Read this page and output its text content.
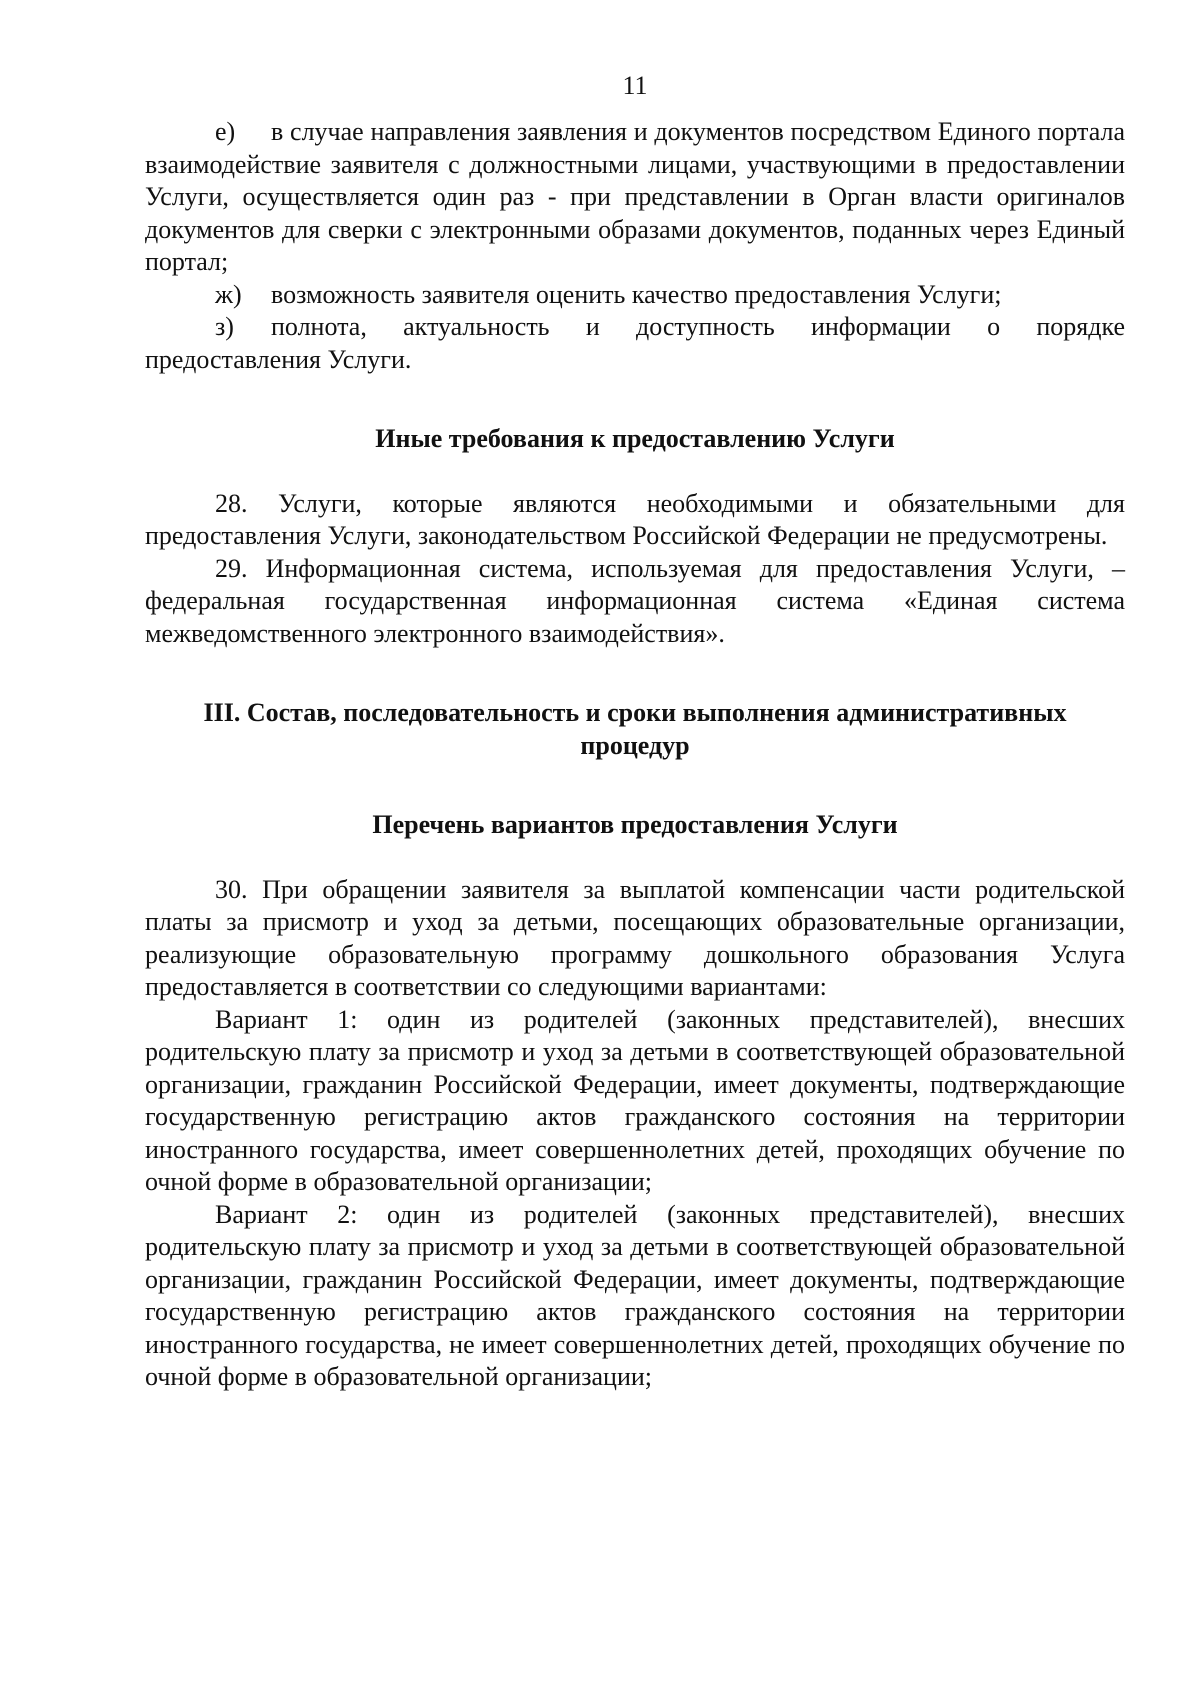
11

е) в случае направления заявления и документов посредством Единого портала взаимодействие заявителя с должностными лицами, участвующими в предоставлении Услуги, осуществляется один раз - при представлении в Орган власти оригиналов документов для сверки с электронными образами документов, поданных через Единый портал;

ж) возможность заявителя оценить качество предоставления Услуги;

з) полнота, актуальность и доступность информации о порядке предоставления Услуги.

Иные требования к предоставлению Услуги

28. Услуги, которые являются необходимыми и обязательными для предоставления Услуги, законодательством Российской Федерации не предусмотрены.

29. Информационная система, используемая для предоставления Услуги, – федеральная государственная информационная система «Единая система межведомственного электронного взаимодействия».

III. Состав, последовательность и сроки выполнения административных
процедур

Перечень вариантов предоставления Услуги

30. При обращении заявителя за выплатой компенсации части родительской платы за присмотр и уход за детьми, посещающих образовательные организации, реализующие образовательную программу дошкольного образования Услуга предоставляется в соответствии со следующими вариантами:

Вариант 1: один из родителей (законных представителей), внесших родительскую плату за присмотр и уход за детьми в соответствующей образовательной организации, гражданин Российской Федерации, имеет документы, подтверждающие государственную регистрацию актов гражданского состояния на территории иностранного государства, имеет совершеннолетних детей, проходящих обучение по очной форме в образовательной организации;

Вариант 2: один из родителей (законных представителей), внесших родительскую плату за присмотр и уход за детьми в соответствующей образовательной организации, гражданин Российской Федерации, имеет документы, подтверждающие государственную регистрацию актов гражданского состояния на территории иностранного государства, не имеет совершеннолетних детей, проходящих обучение по очной форме в образовательной организации;
